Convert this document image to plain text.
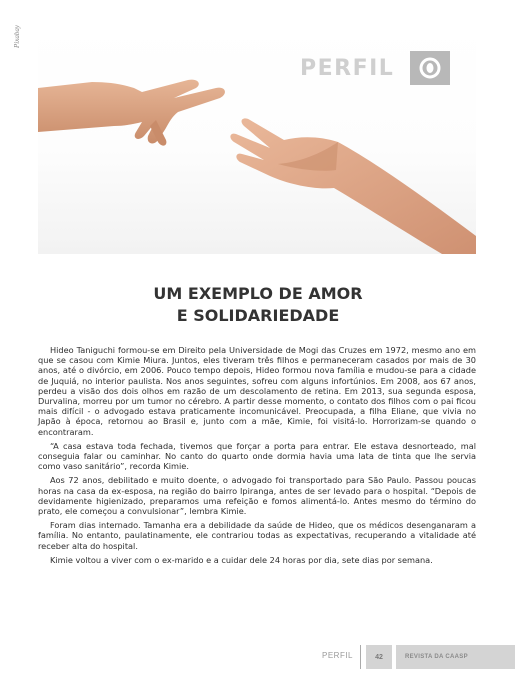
Pixabay
PERFIL
UM EXEMPLO DE AMOR
E SOLIDARIEDADE

Hideo Taniguchi formou-se em Direito pela Universidade de Mogi das Cruzes em 1972, mesmo ano em que se casou com Kimie Miura. Juntos, eles tiveram três filhos e permaneceram casados por mais de 30 anos, até o divórcio, em 2006. Pouco tempo depois, Hideo formou nova família e mudou-se para a cidade de Juquiá, no interior paulista. Nos anos seguintes, sofreu com alguns infortúnios. Em 2008, aos 67 anos, perdeu a visão dos dois olhos em razão de um descolamento de retina. Em 2013, sua segunda esposa, Durvalina, morreu por um tumor no cérebro. A partir desse momento, o contato dos filhos com o pai ficou mais difícil - o advogado estava praticamente incomunicável. Preocupada, a filha Eliane, que vivia no Japão à época, retornou ao Brasil e, junto com a mãe, Kimie, foi visitá-lo. Horrorizam-se quando o encontraram.

“A casa estava toda fechada, tivemos que forçar a porta para entrar. Ele estava desnorteado, mal conseguia falar ou caminhar. No canto do quarto onde dormia havia uma lata de tinta que lhe servia como vaso sanitário”, recorda Kimie.

Aos 72 anos, debilitado e muito doente, o advogado foi transportado para São Paulo. Passou poucas horas na casa da ex-esposa, na região do bairro Ipiranga, antes de ser levado para o hospital. “Depois de devidamente higienizado, preparamos uma refeição e fomos alimentá-lo. Antes mesmo do término do prato, ele começou a convulsionar”, lembra Kimie.

Foram dias internado. Tamanha era a debilidade da saúde de Hideo, que os médicos desenganaram a família. No entanto, paulatinamente, ele contrariou todas as expectativas, recuperando a vitalidade até receber alta do hospital.

Kimie voltou a viver com o ex-marido e a cuidar dele 24 horas por dia, sete dias por semana.

PERFIL	42	REVISTA DA CAASP
